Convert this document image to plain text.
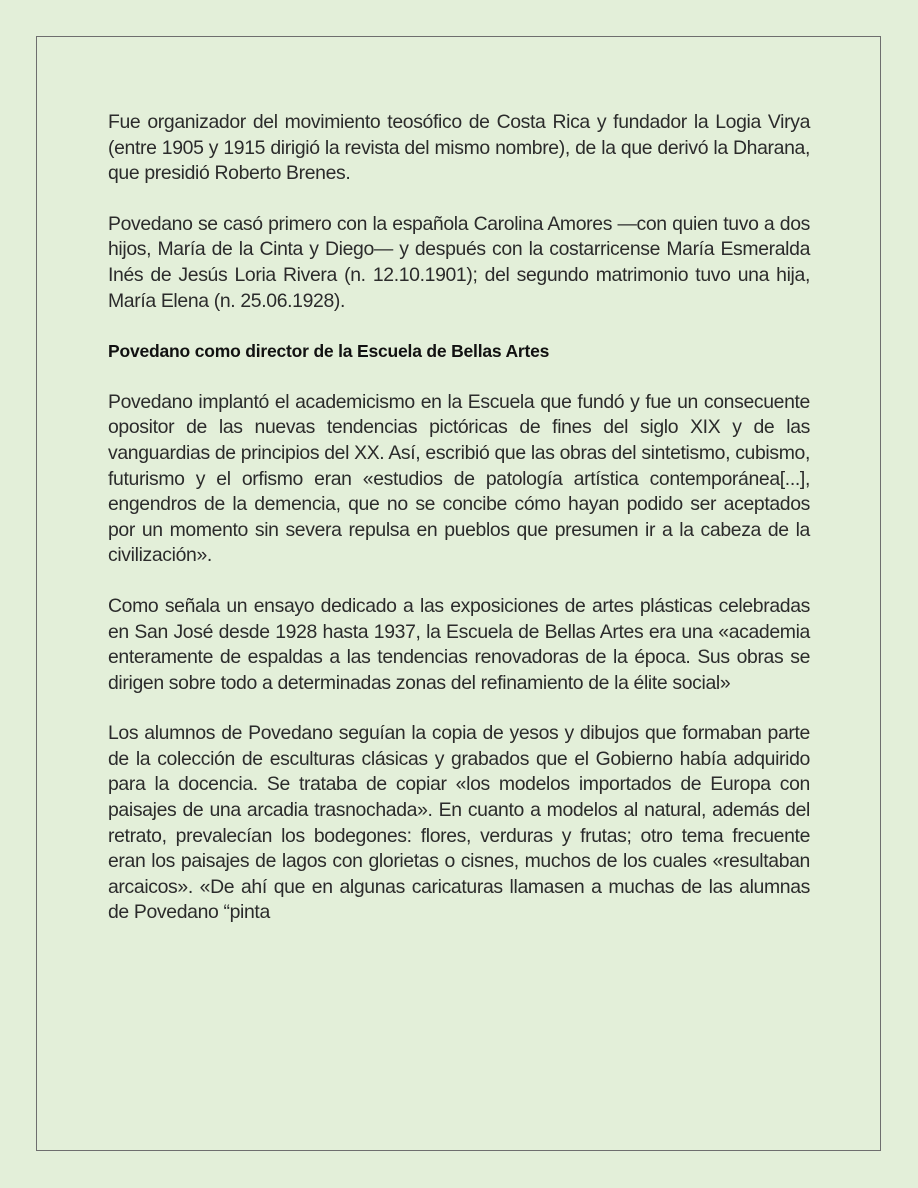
Fue organizador del movimiento teosófico de Costa Rica y fundador la Logia Virya (entre 1905 y 1915 dirigió la revista del mismo nombre), de la que derivó la Dharana, que presidió Roberto Brenes.

Povedano se casó primero con la española Carolina Amores —con quien tuvo a dos hijos, María de la Cinta y Diego— y después con la costarricense María Esmeralda Inés de Jesús Loria Rivera (n. 12.10.1901); del segundo matrimonio tuvo una hija, María Elena (n. 25.06.1928).

Povedano como director de la Escuela de Bellas Artes

Povedano implantó el academicismo en la Escuela que fundó y fue un consecuente opositor de las nuevas tendencias pictóricas de fines del siglo XIX y de las vanguardias de principios del XX. Así, escribió que las obras del sintetismo, cubismo, futurismo y el orfismo eran «estudios de patología artística contemporánea[...], engendros de la demencia, que no se concibe cómo hayan podido ser aceptados por un momento sin severa repulsa en pueblos que presumen ir a la cabeza de la civilización».

Como señala un ensayo dedicado a las exposiciones de artes plásticas celebradas en San José desde 1928 hasta 1937, la Escuela de Bellas Artes era una «academia enteramente de espaldas a las tendencias renovadoras de la época. Sus obras se dirigen sobre todo a determinadas zonas del refinamiento de la élite social»

Los alumnos de Povedano seguían la copia de yesos y dibujos que formaban parte de la colección de esculturas clásicas y grabados que el Gobierno había adquirido para la docencia. Se trataba de copiar «los modelos importados de Europa con paisajes de una arcadia trasnochada». En cuanto a modelos al natural, además del retrato, prevalecían los bodegones: flores, verduras y frutas; otro tema frecuente eran los paisajes de lagos con glorietas o cisnes, muchos de los cuales «resultaban arcaicos». «De ahí que en algunas caricaturas llamasen a muchas de las alumnas de Povedano “pinta
